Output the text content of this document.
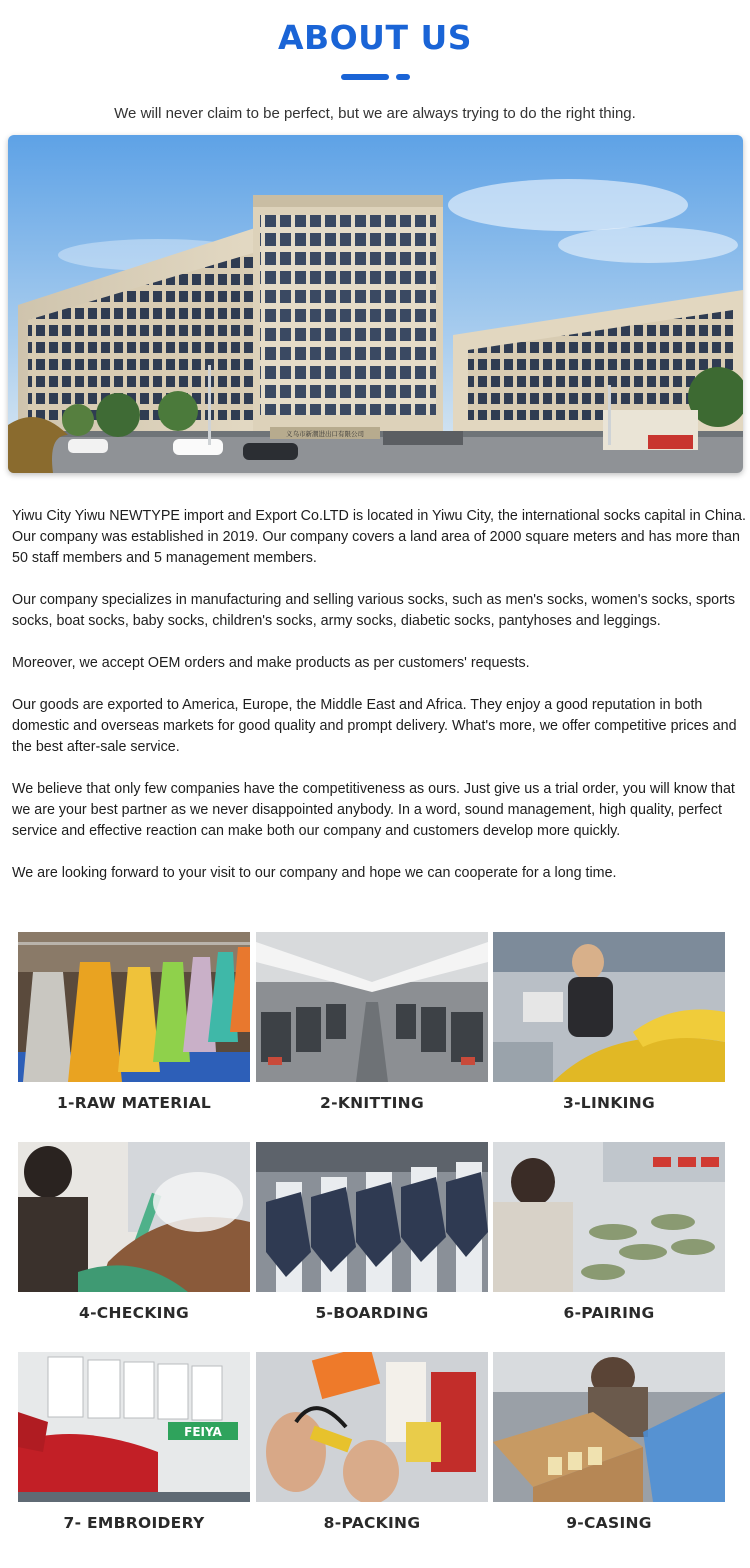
ABOUT US
We will never claim to be perfect, but we are always trying to do the right thing.
义乌市新潮进出口有限公司

Yiwu City Yiwu NEWTYPE import and Export Co.LTD is located in Yiwu City, the international socks capital in China. Our company was established in 2019. Our company covers a land area of 2000 square meters and has more than 50 staff members and 5 management members.

Our company specializes in manufacturing and selling various socks, such as men's socks, women's socks, sports socks, boat socks, baby socks, children's socks, army socks, diabetic socks, pantyhoses and leggings.

Moreover, we accept OEM orders and make products as per customers' requests.

Our goods are exported to America, Europe, the Middle East and Africa. They enjoy a good reputation in both domestic and overseas markets for good quality and prompt delivery. What's more, we offer competitive prices and the best after-sale service.

We believe that only few companies have the competitiveness as ours. Just give us a trial order, you will know that we are your best partner as we never disappointed anybody. In a word, sound management, high quality, perfect service and effective reaction can make both our company and customers develop more quickly.

We are looking forward to your visit to our company and hope we can cooperate for a long time.

1-RAW MATERIAL	2-KNITTING	3-LINKING
4-CHECKING	5-BOARDING	6-PAIRING
FEIYA
7- EMBROIDERY	8-PACKING	9-CASING
